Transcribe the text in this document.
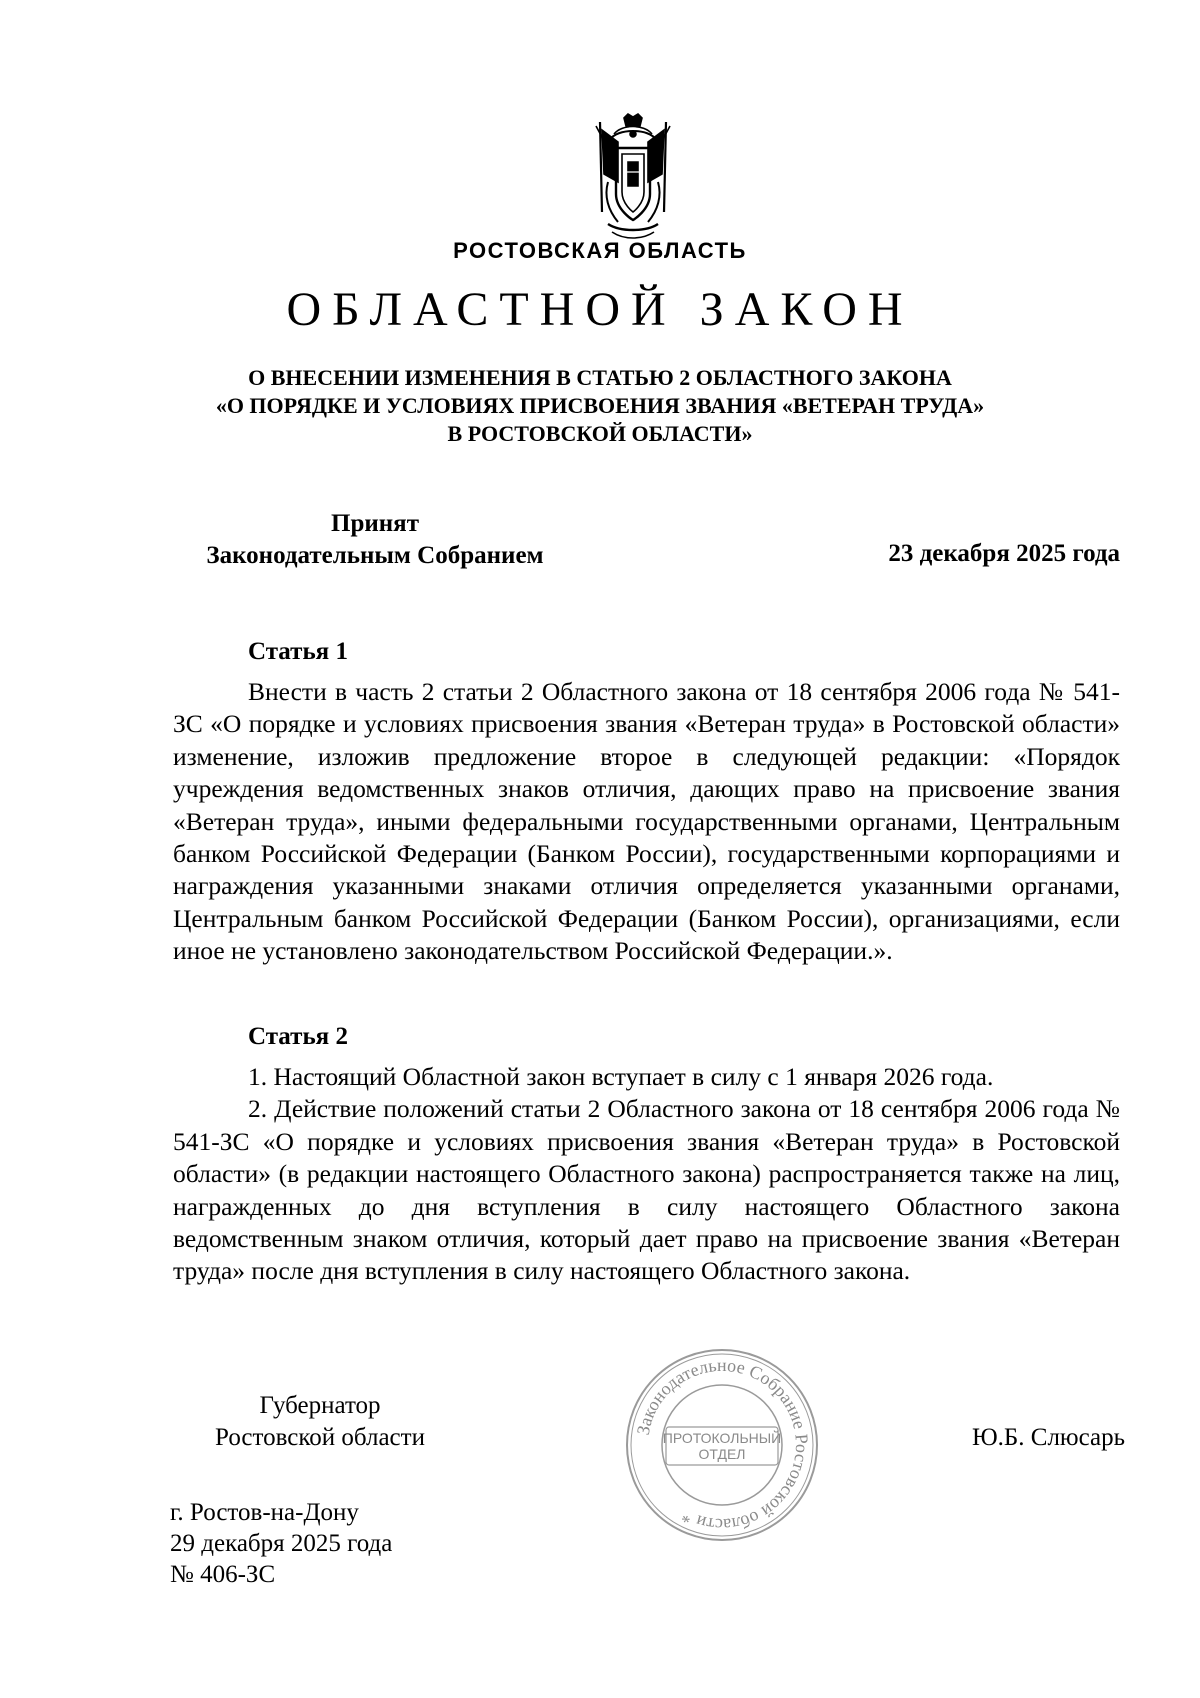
РОСТОВСКАЯ ОБЛАСТЬ
ОБЛАСТНОЙ ЗАКОН
О ВНЕСЕНИИ ИЗМЕНЕНИЯ В СТАТЬЮ 2 ОБЛАСТНОГО ЗАКОНА
«О ПОРЯДКЕ И УСЛОВИЯХ ПРИСВОЕНИЯ ЗВАНИЯ «ВЕТЕРАН ТРУДА»
В РОСТОВСКОЙ ОБЛАСТИ»
Принят
Законодательным Собранием	23 декабря 2025 года
Статья 1

Внести в часть 2 статьи 2 Областного закона от 18 сентября 2006 года № 541-ЗС «О порядке и условиях присвоения звания «Ветеран труда» в Ростовской области» изменение, изложив предложение второе в следующей редакции: «Порядок учреждения ведомственных знаков отличия, дающих право на присвоение звания «Ветеран труда», иными федеральными государственными органами, Центральным банком Российской Федерации (Банком России), государственными корпорациями и награждения указанными знаками отличия определяется указанными органами, Центральным банком Российской Федерации (Банком России), организациями, если иное не установлено законодательством Российской Федерации.».

Статья 2

1. Настоящий Областной закон вступает в силу с 1 января 2026 года.

2. Действие положений статьи 2 Областного закона от 18 сентября 2006 года № 541-ЗС «О порядке и условиях присвоения звания «Ветеран труда» в Ростовской области» (в редакции настоящего Областного закона) распространяется также на лиц, награжденных до дня вступления в силу настоящего Областного закона ведомственным знаком отличия, который дает право на присвоение звания «Ветеран труда» после дня вступления в силу настоящего Областного закона.

Губернатор
Ростовской области	Ю.Б. Слюсарь
г. Ростов-на-Дону
29 декабря 2025 года
№ 406-ЗС
Законодательное Собрание Ростовской области *
ПРОТОКОЛЬНЫЙ
ОТДЕЛ
